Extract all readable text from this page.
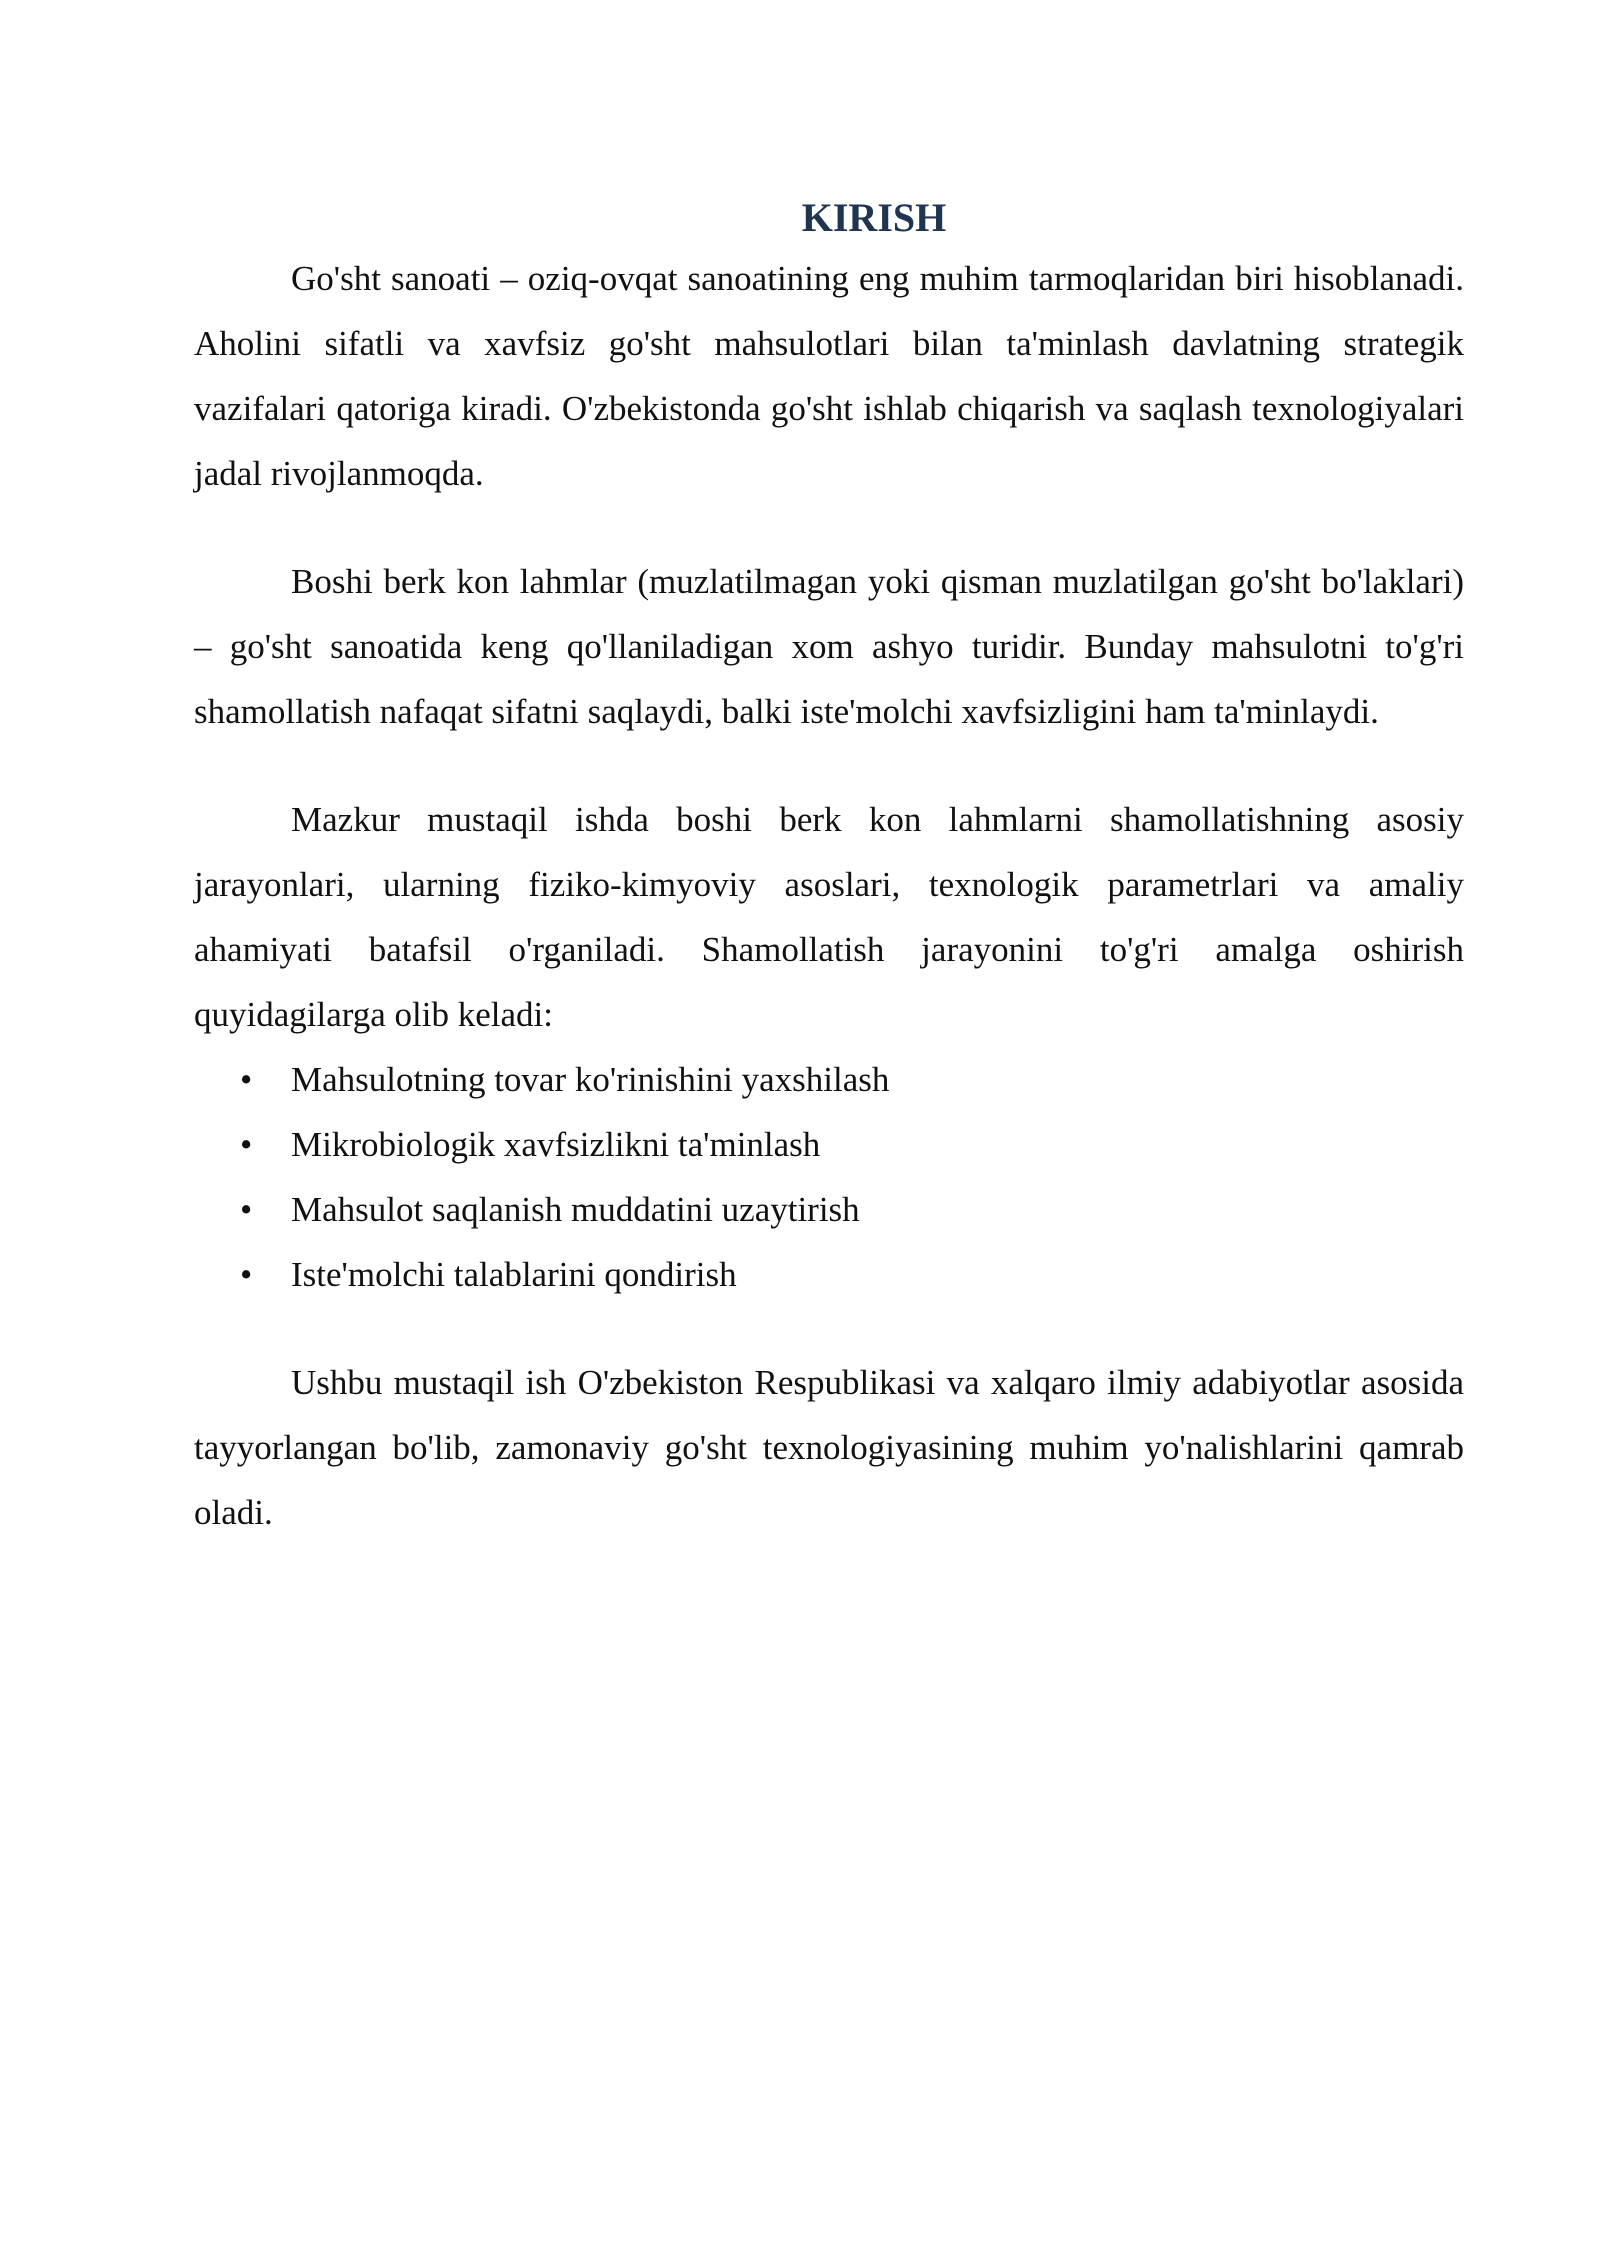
KIRISH

Go'sht sanoati – oziq-ovqat sanoatining eng muhim tarmoqlaridan biri hisoblanadi. Aholini sifatli va xavfsiz go'sht mahsulotlari bilan ta'minlash davlatning strategik vazifalari qatoriga kiradi. O'zbekistonda go'sht ishlab chiqarish va saqlash texnologiyalari jadal rivojlanmoqda.

Boshi berk kon lahmlar (muzlatilmagan yoki qisman muzlatilgan go'sht bo'laklari) – go'sht sanoatida keng qo'llaniladigan xom ashyo turidir. Bunday mahsulotni to'g'ri shamollatish nafaqat sifatni saqlaydi, balki iste'molchi xavfsizligini ham ta'minlaydi.

Mazkur mustaqil ishda boshi berk kon lahmlarni shamollatishning asosiy jarayonlari, ularning fiziko-kimyoviy asoslari, texnologik parametrlari va amaliy ahamiyati batafsil o'rganiladi. Shamollatish jarayonini to'g'ri amalga oshirish quyidagilarga olib keladi:

• Mahsulotning tovar ko'rinishini yaxshilash
• Mikrobiologik xavfsizlikni ta'minlash
• Mahsulot saqlanish muddatini uzaytirish
• Iste'molchi talablarini qondirish

Ushbu mustaqil ish O'zbekiston Respublikasi va xalqaro ilmiy adabiyotlar asosida tayyorlangan bo'lib, zamonaviy go'sht texnologiyasining muhim yo'nalishlarini qamrab oladi.
